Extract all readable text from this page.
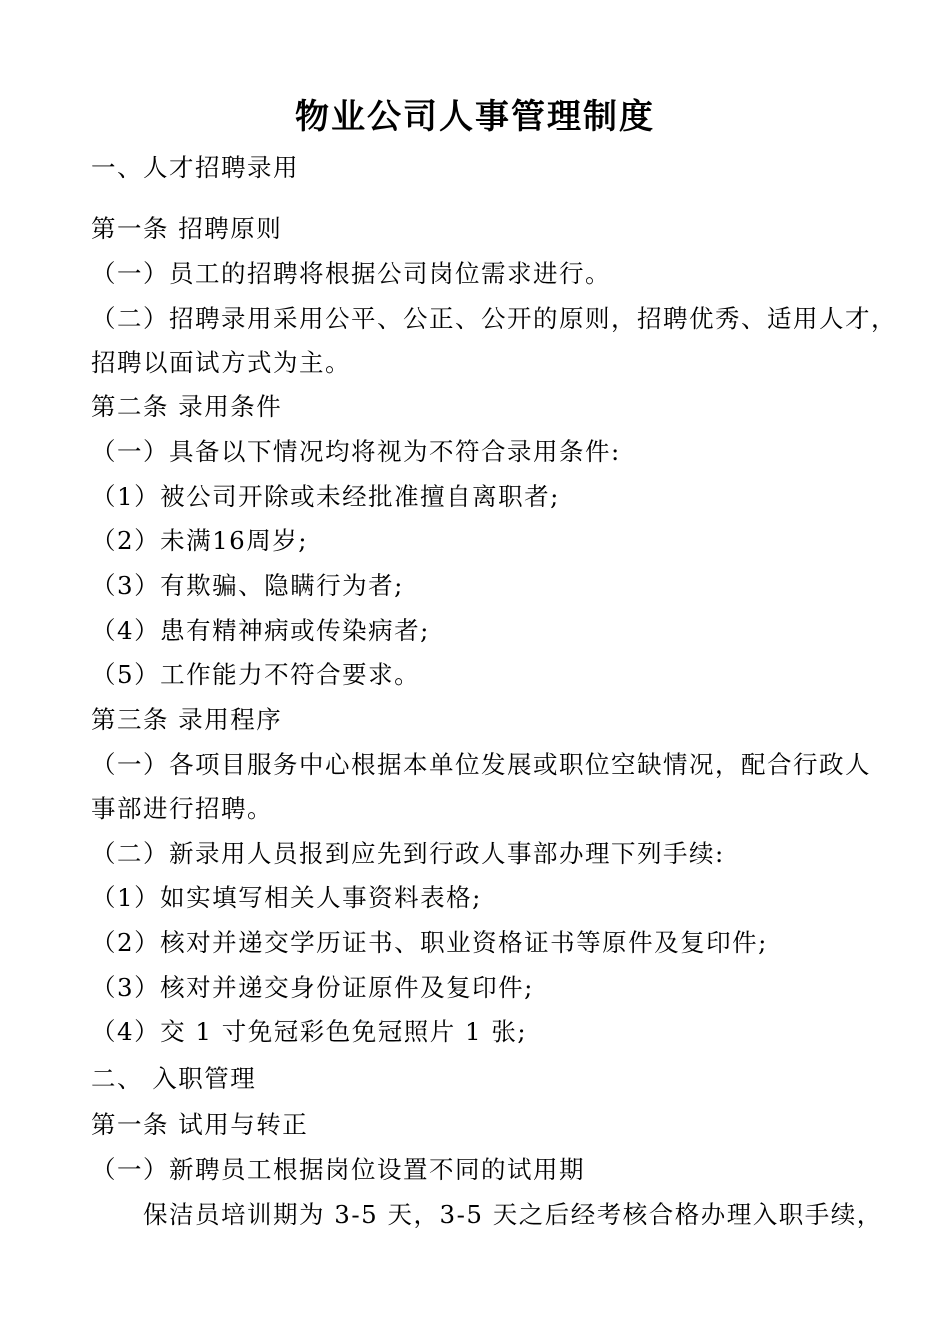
物业公司人事管理制度
一、人才招聘录用
第一条 招聘原则
（一）员工的招聘将根据公司岗位需求进行。
（二）招聘录用采用公平、公正、公开的原则，招聘优秀、适用人才，
招聘以面试方式为主。
第二条 录用条件
（一）具备以下情况均将视为不符合录用条件:
（1）被公司开除或未经批准擅自离职者;
（2）未满16周岁;
（3）有欺骗、隐瞒行为者;
（4）患有精神病或传染病者;
（5）工作能力不符合要求。
第三条 录用程序
（一）各项目服务中心根据本单位发展或职位空缺情况，配合行政人
事部进行招聘。
（二）新录用人员报到应先到行政人事部办理下列手续:
（1）如实填写相关人事资料表格;
（2）核对并递交学历证书、职业资格证书等原件及复印件;
（3）核对并递交身份证原件及复印件;
（4）交 1 寸免冠彩色免冠照片 1 张;
二、 入职管理
第一条 试用与转正
（一）新聘员工根据岗位设置不同的试用期
保洁员培训期为 3-5 天，3-5 天之后经考核合格办理入职手续，
